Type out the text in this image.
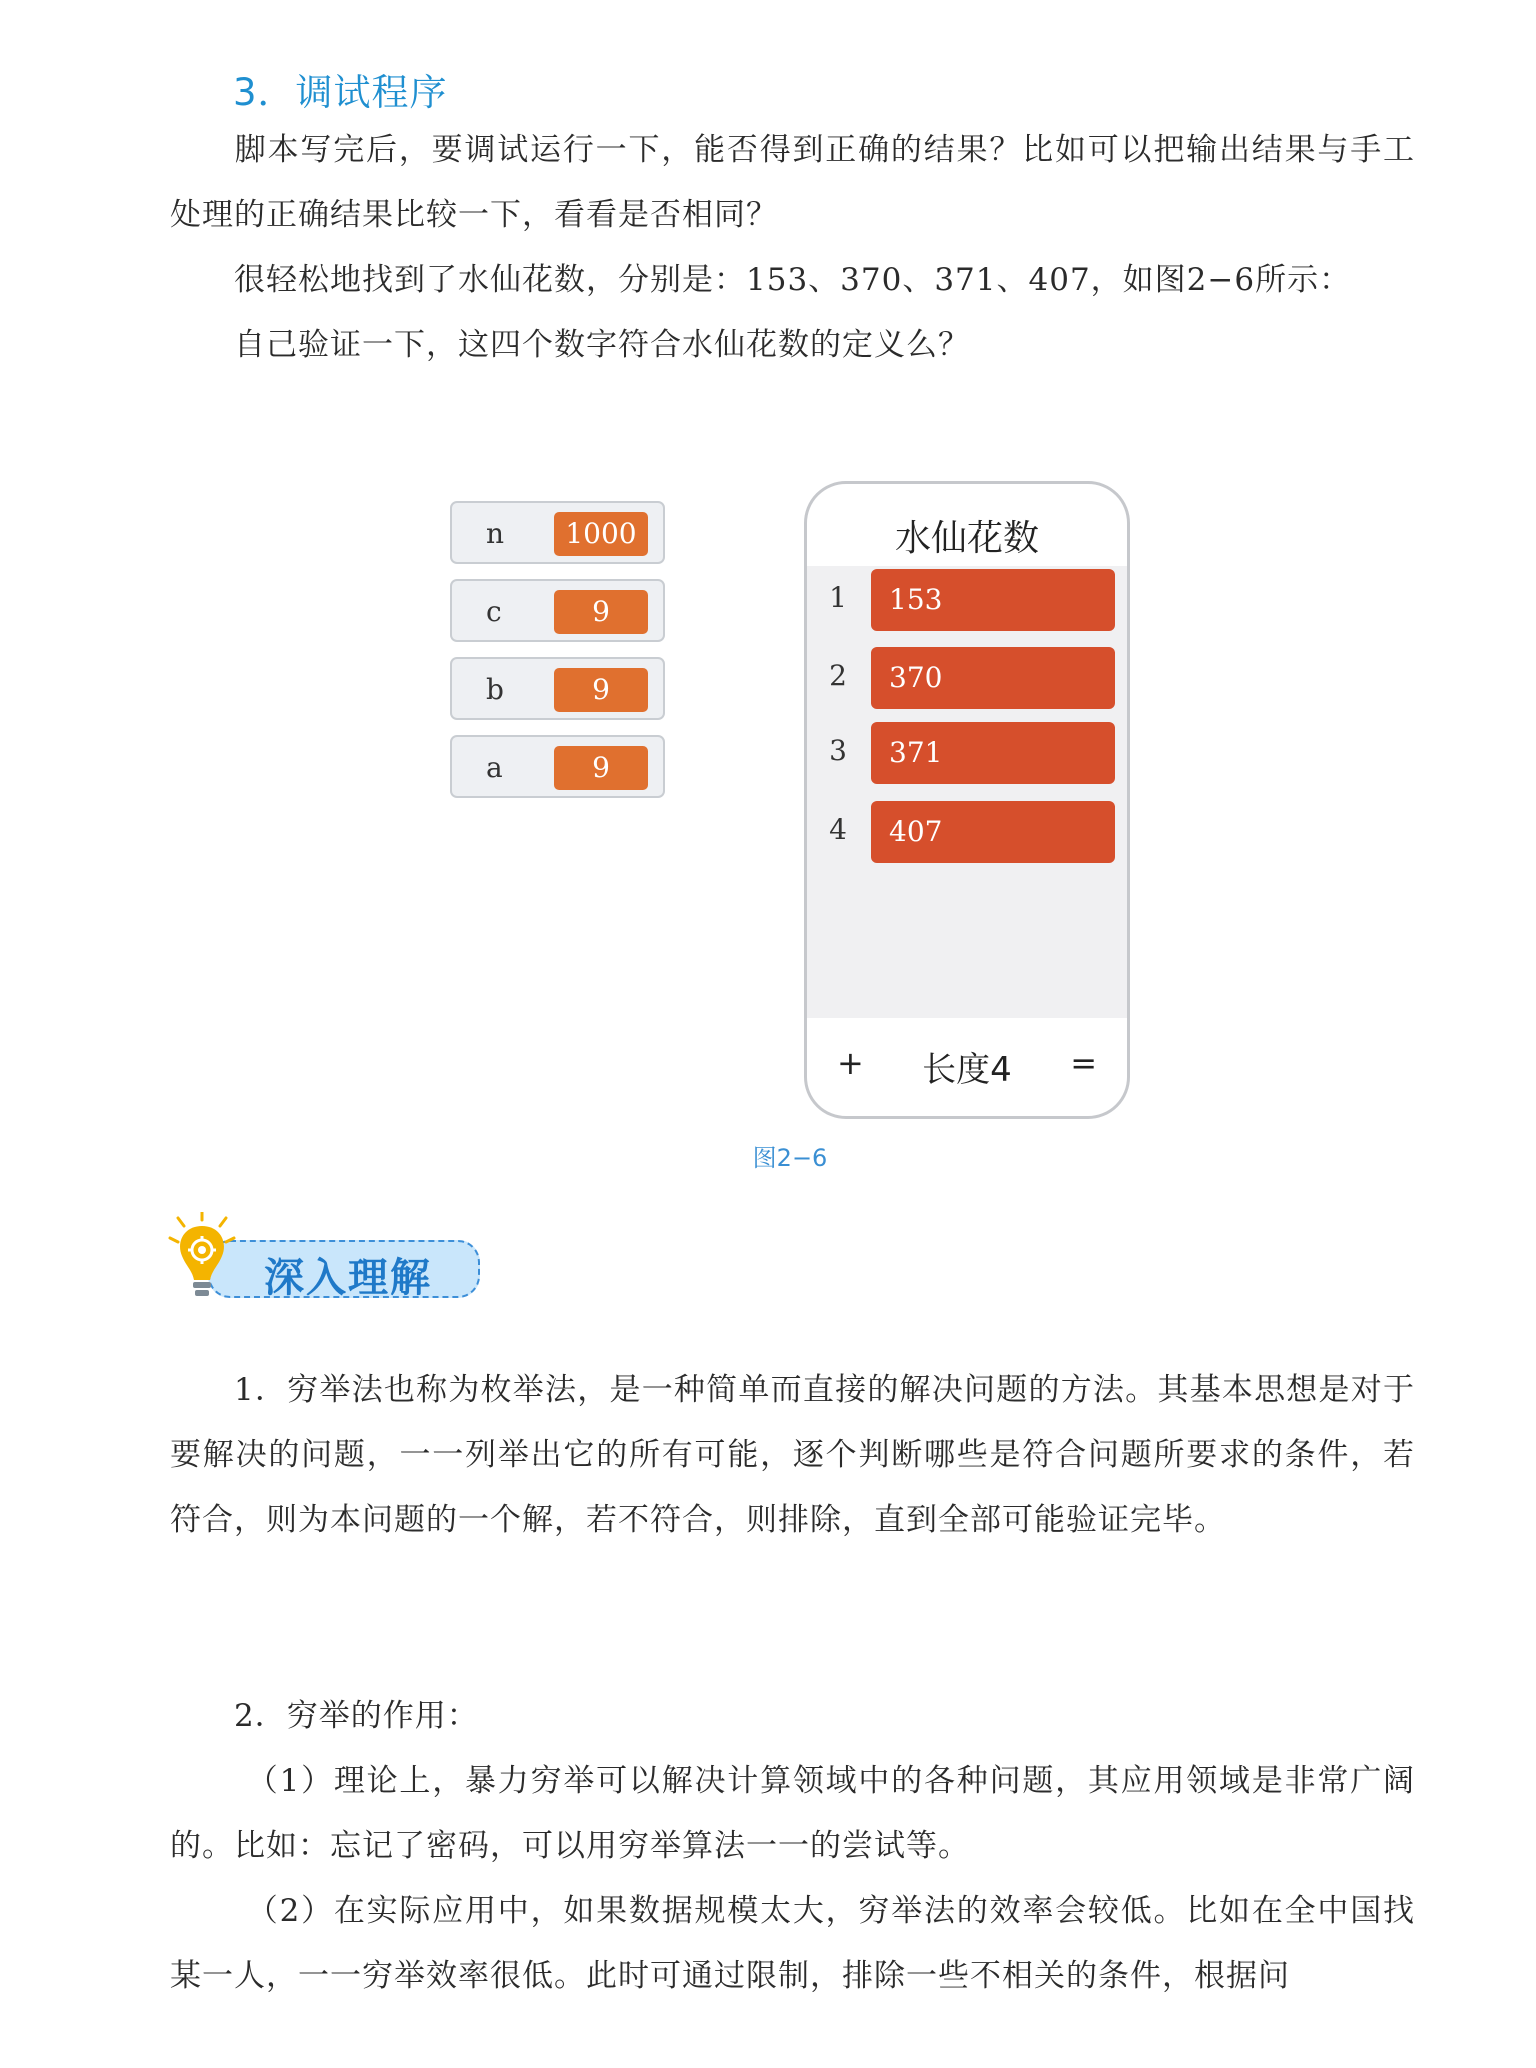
3．调试程序
脚本写完后，要调试运行一下，能否得到正确的结果？比如可以把输出结果与手工处理的正确结果比较一下，看看是否相同？
很轻松地找到了水仙花数，分别是：153、370、371、407，如图2−6所示：
自己验证一下，这四个数字符合水仙花数的定义么？
n	1000
c	9
b	9
a	9
水仙花数
1	153
2	370
3	371
4	407
+	长度4	=
图2−6
深入理解
1．穷举法也称为枚举法，是一种简单而直接的解决问题的方法。其基本思想是对于要解决的问题，一一列举出它的所有可能，逐个判断哪些是符合问题所要求的条件，若符合，则为本问题的一个解，若不符合，则排除，直到全部可能验证完毕。
2．穷举的作用：
（1）理论上，暴力穷举可以解决计算领域中的各种问题，其应用领域是非常广阔的。比如：忘记了密码，可以用穷举算法一一的尝试等。
（2）在实际应用中，如果数据规模太大，穷举法的效率会较低。比如在全中国找某一人，一一穷举效率很低。此时可通过限制，排除一些不相关的条件，根据问
